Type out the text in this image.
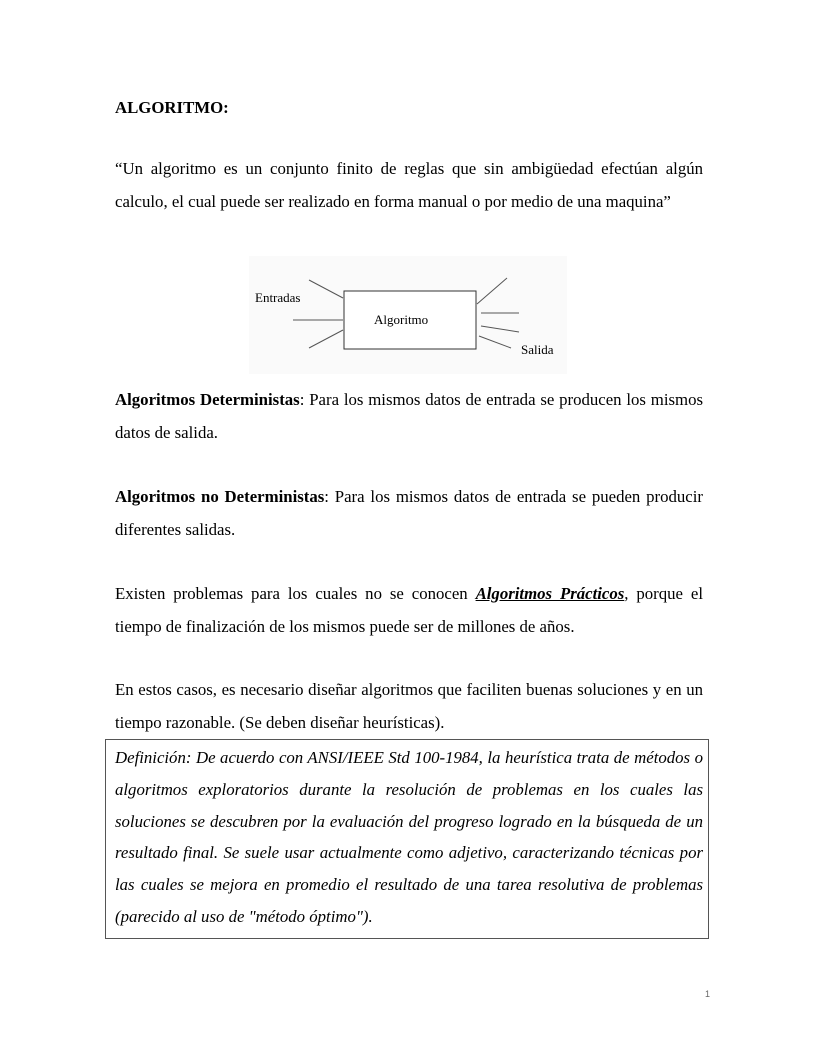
ALGORITMO:
“Un algoritmo es un conjunto finito de reglas que sin ambigüedad efectúan algún calculo, el cual puede ser realizado en forma manual o por medio de una maquina”
Entradas
Algoritmo
Salida
Algoritmos Deterministas: Para los mismos datos de entrada se producen los mismos datos de salida.
Algoritmos no Deterministas: Para los mismos datos de entrada se pueden producir diferentes salidas.
Existen problemas para los cuales no se conocen Algoritmos Prácticos, porque el tiempo de finalización de los mismos puede ser de millones de años.
En estos casos, es necesario diseñar algoritmos que faciliten buenas soluciones y en un tiempo razonable. (Se deben diseñar heurísticas).
Definición: De acuerdo con ANSI/IEEE Std 100-1984, la heurística trata de métodos o algoritmos exploratorios durante la resolución de problemas en los cuales las soluciones se descubren por la evaluación del progreso logrado en la búsqueda de un resultado final. Se suele usar actualmente como adjetivo, caracterizando técnicas por las cuales se mejora en promedio el resultado de una tarea resolutiva de problemas (parecido al uso de "método óptimo").
1
